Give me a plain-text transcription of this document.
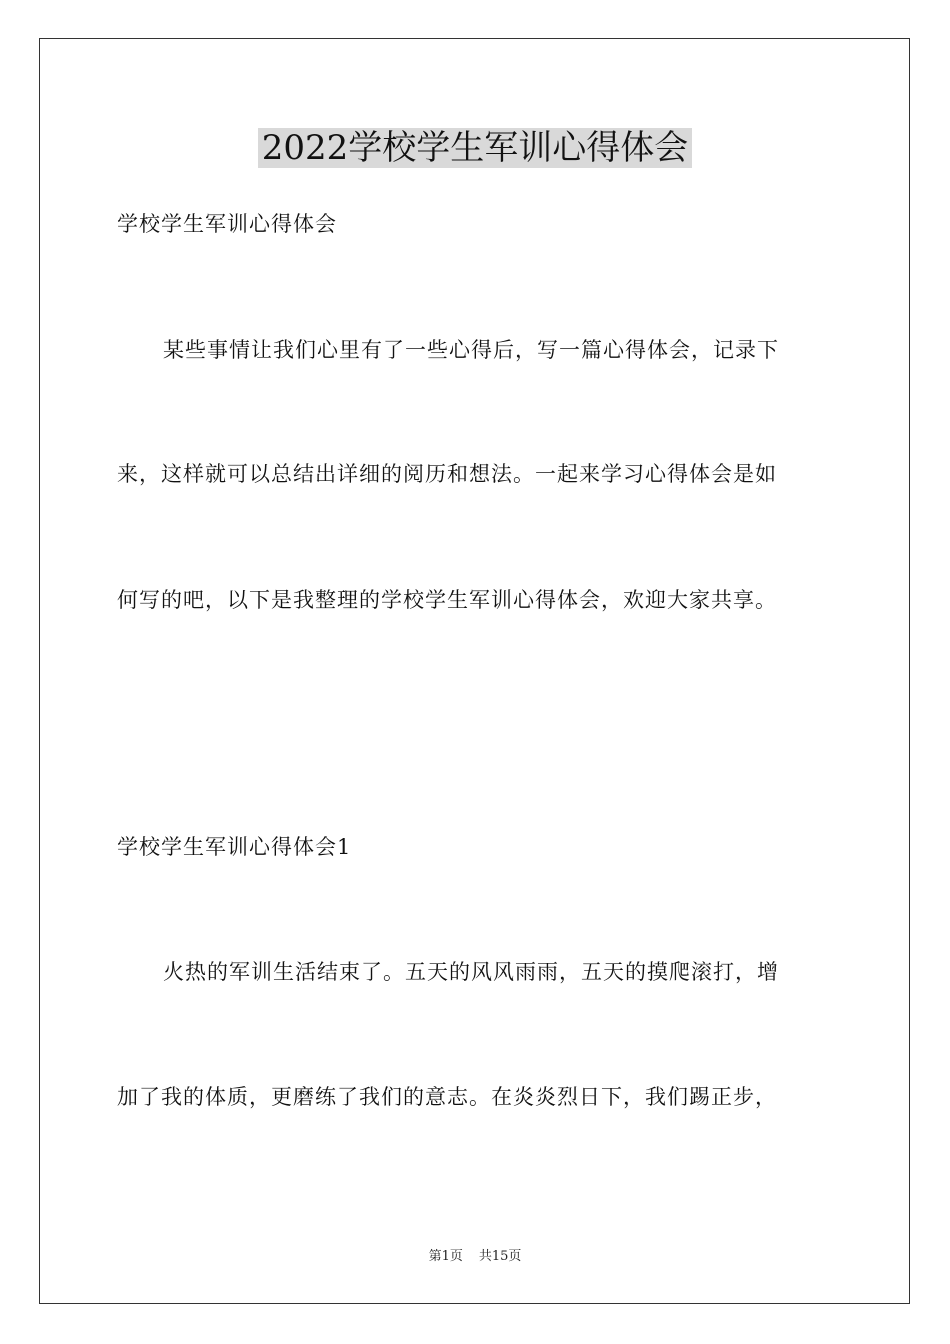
2022学校学生军训心得体会
学校学生军训心得体会
某些事情让我们心里有了一些心得后，写一篇心得体会，记录下
来，这样就可以总结出详细的阅历和想法。一起来学习心得体会是如
何写的吧，以下是我整理的学校学生军训心得体会，欢迎大家共享。
学校学生军训心得体会1
火热的军训生活结束了。五天的风风雨雨，五天的摸爬滚打，增
加了我的体质，更磨练了我们的意志。在炎炎烈日下，我们踢正步，
第1页 共15页
